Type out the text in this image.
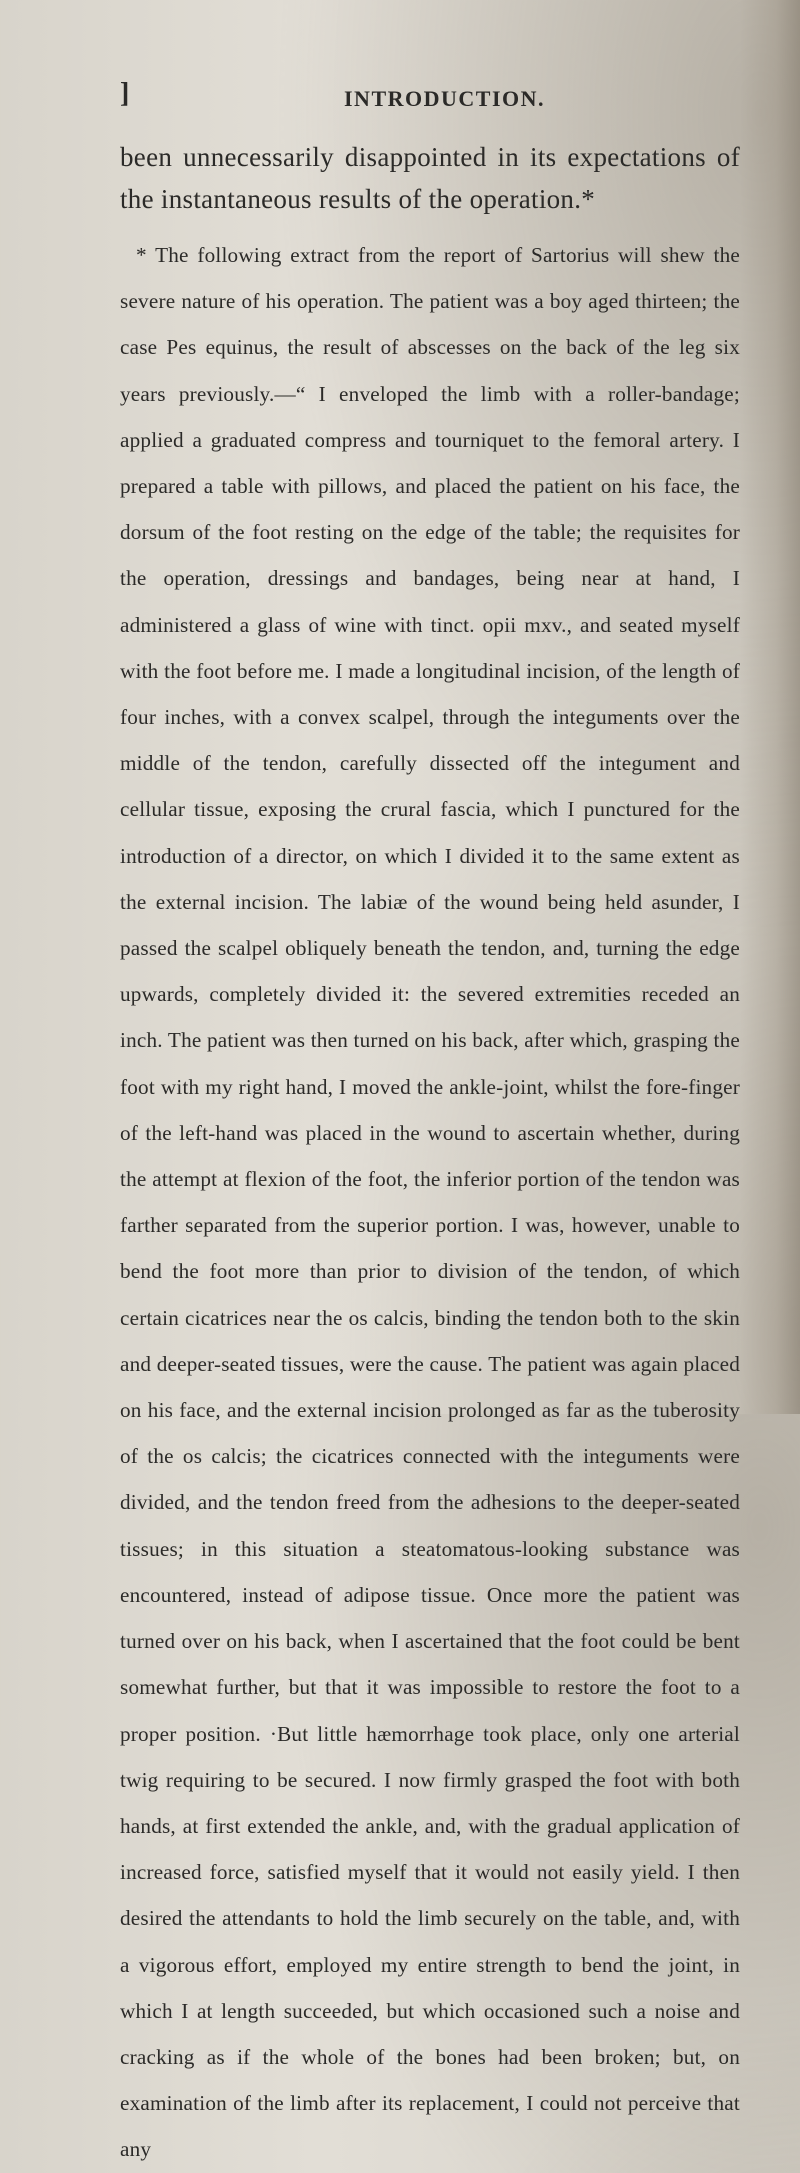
]	INTRODUCTION.

been unnecessarily disappointed in its expectations of the instantaneous results of the operation.*

* The following extract from the report of Sartorius will shew the severe nature of his operation. The patient was a boy aged thirteen; the case Pes equinus, the result of abscesses on the back of the leg six years previously.—“ I enveloped the limb with a roller-bandage; applied a graduated compress and tourniquet to the femoral artery. I prepared a table with pillows, and placed the patient on his face, the dorsum of the foot resting on the edge of the table; the requisites for the operation, dressings and bandages, being near at hand, I administered a glass of wine with tinct. opii mxv., and seated myself with the foot before me. I made a longitudinal incision, of the length of four inches, with a convex scalpel, through the integuments over the middle of the tendon, carefully dissected off the integument and cellular tissue, exposing the crural fascia, which I punctured for the introduction of a director, on which I divided it to the same extent as the external incision. The labiæ of the wound being held asunder, I passed the scalpel obliquely beneath the tendon, and, turning the edge upwards, completely divided it: the severed extremities receded an inch. The patient was then turned on his back, after which, grasping the foot with my right hand, I moved the ankle-joint, whilst the fore-finger of the left-hand was placed in the wound to ascertain whether, during the attempt at flexion of the foot, the inferior portion of the tendon was farther separated from the superior portion. I was, however, unable to bend the foot more than prior to division of the tendon, of which certain cicatrices near the os calcis, binding the tendon both to the skin and deeper-seated tissues, were the cause. The patient was again placed on his face, and the external incision prolonged as far as the tuberosity of the os calcis; the cicatrices connected with the integuments were divided, and the tendon freed from the adhesions to the deeper-seated tissues; in this situation a steatomatous-looking substance was encountered, instead of adipose tissue. Once more the patient was turned over on his back, when I ascertained that the foot could be bent somewhat further, but that it was impossible to restore the foot to a proper position. ·But little hæmorrhage took place, only one arterial twig requiring to be secured. I now firmly grasped the foot with both hands, at first extended the ankle, and, with the gradual application of increased force, satisfied myself that it would not easily yield. I then desired the attendants to hold the limb securely on the table, and, with a vigorous effort, employed my entire strength to bend the joint, in which I at length succeeded, but which occasioned such a noise and cracking as if the whole of the bones had been broken; but, on examination of the limb after its replacement, I could not perceive that any
